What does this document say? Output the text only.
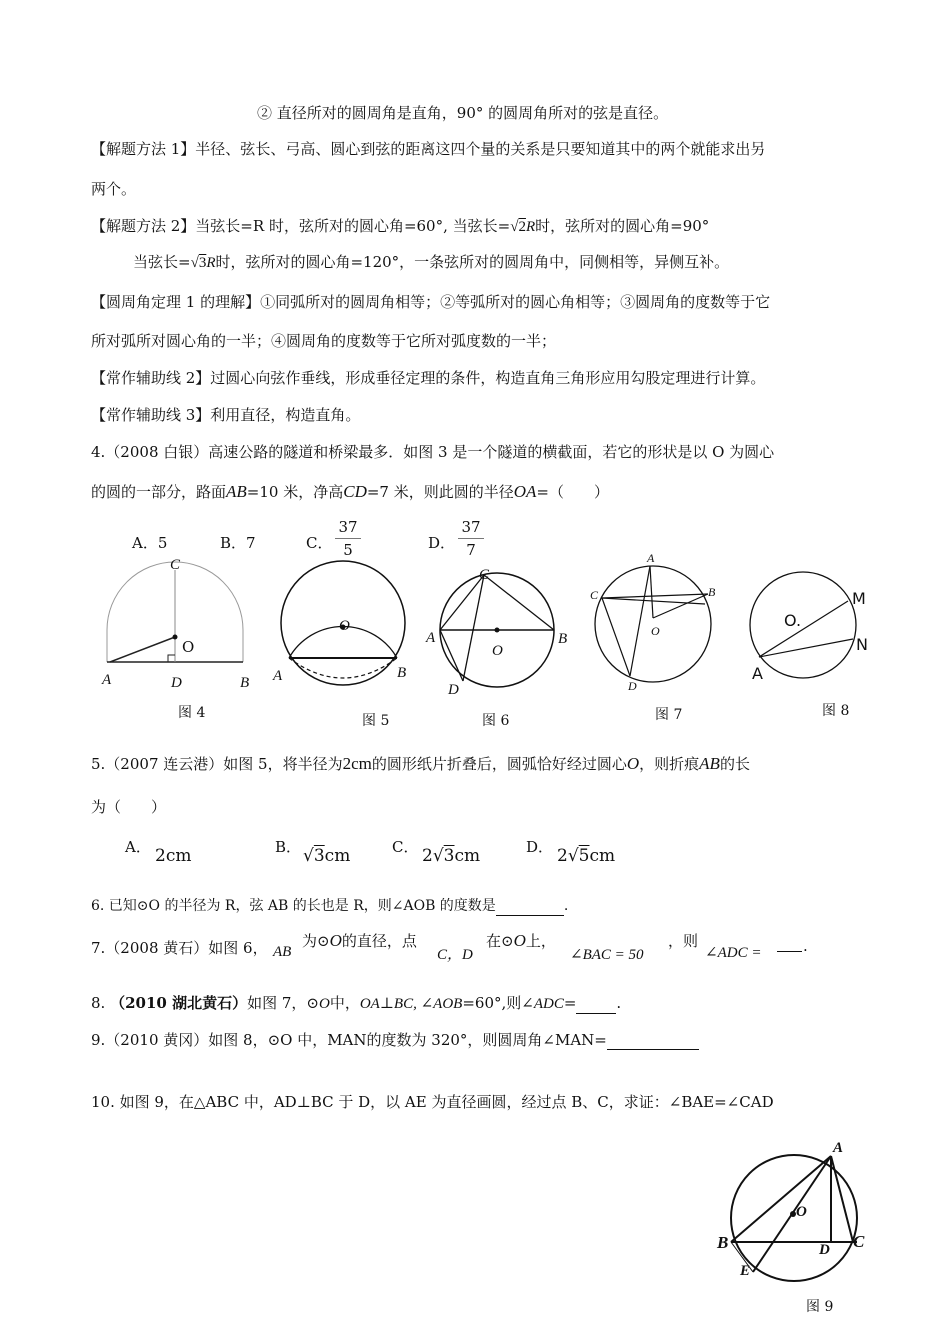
② 直径所对的圆周角是直角，90° 的圆周角所对的弦是直径。
【解题方法 1】半径、弦长、弓高、圆心到弦的距离这四个量的关系是只要知道其中的两个就能求出另
两个。
【解题方法 2】当弦长=R 时，弦所对的圆心角=60°, 当弦长=√2R时，弦所对的圆心角=90°
当弦长=√3R时，弦所对的圆心角=120°，一条弦所对的圆周角中，同侧相等，异侧互补。
【圆周角定理 1 的理解】①同弧所对的圆周角相等；②等弧所对的圆心角相等；③圆周角的度数等于它
所对弧所对圆心角的一半；④圆周角的度数等于它所对弧度数的一半；
【常作辅助线 2】过圆心向弦作垂线，形成垂径定理的条件，构造直角三角形应用勾股定理进行计算。
【常作辅助线 3】利用直径，构造直角。
4.（2008 白银）高速公路的隧道和桥梁最多．如图 3 是一个隧道的横截面，若它的形状是以 O 为圆心
的圆的一部分，路面AB=10 米，净高CD=7 米，则此圆的半径OA=（　　）
A．5	B．7	C．
37
5	D．
37
7
C
O
A	D	B
图 4
O
A	B
图 5
C
A
O
B
D
图 6
A
B
C
O
D
图 7
O.
M
N
A
图 8
5.（2007 连云港）如图 5，将半径为2cm的圆形纸片折叠后，圆弧恰好经过圆心O，则折痕AB的长
为（　　）
A． 2cm	B． √3cm	C． 2√3cm	D． 2√5cm
6. 已知⊙O 的半径为 R，弦 AB 的长也是 R，则∠AOB 的度数是	.
7.（2008 黄石）如图 6， AB
为⊙O的直径，点
C，D
在⊙O上，
∠BAC = 50
，则
∠ADC =	.
8. （2010 湖北黄石）如图 7，⊙O中，OA⊥BC, ∠AOB=60°,则∠ADC=	.
9.（2010 黄冈）如图 8，⊙O 中，MAN的度数为 320°，则圆周角∠MAN=
10. 如图 9，在△ABC 中，AD⊥BC 于 D，以 AE 为直径画圆，经过点 B、C，求证：∠BAE=∠CAD
A
O
B	D C
E
图 9
